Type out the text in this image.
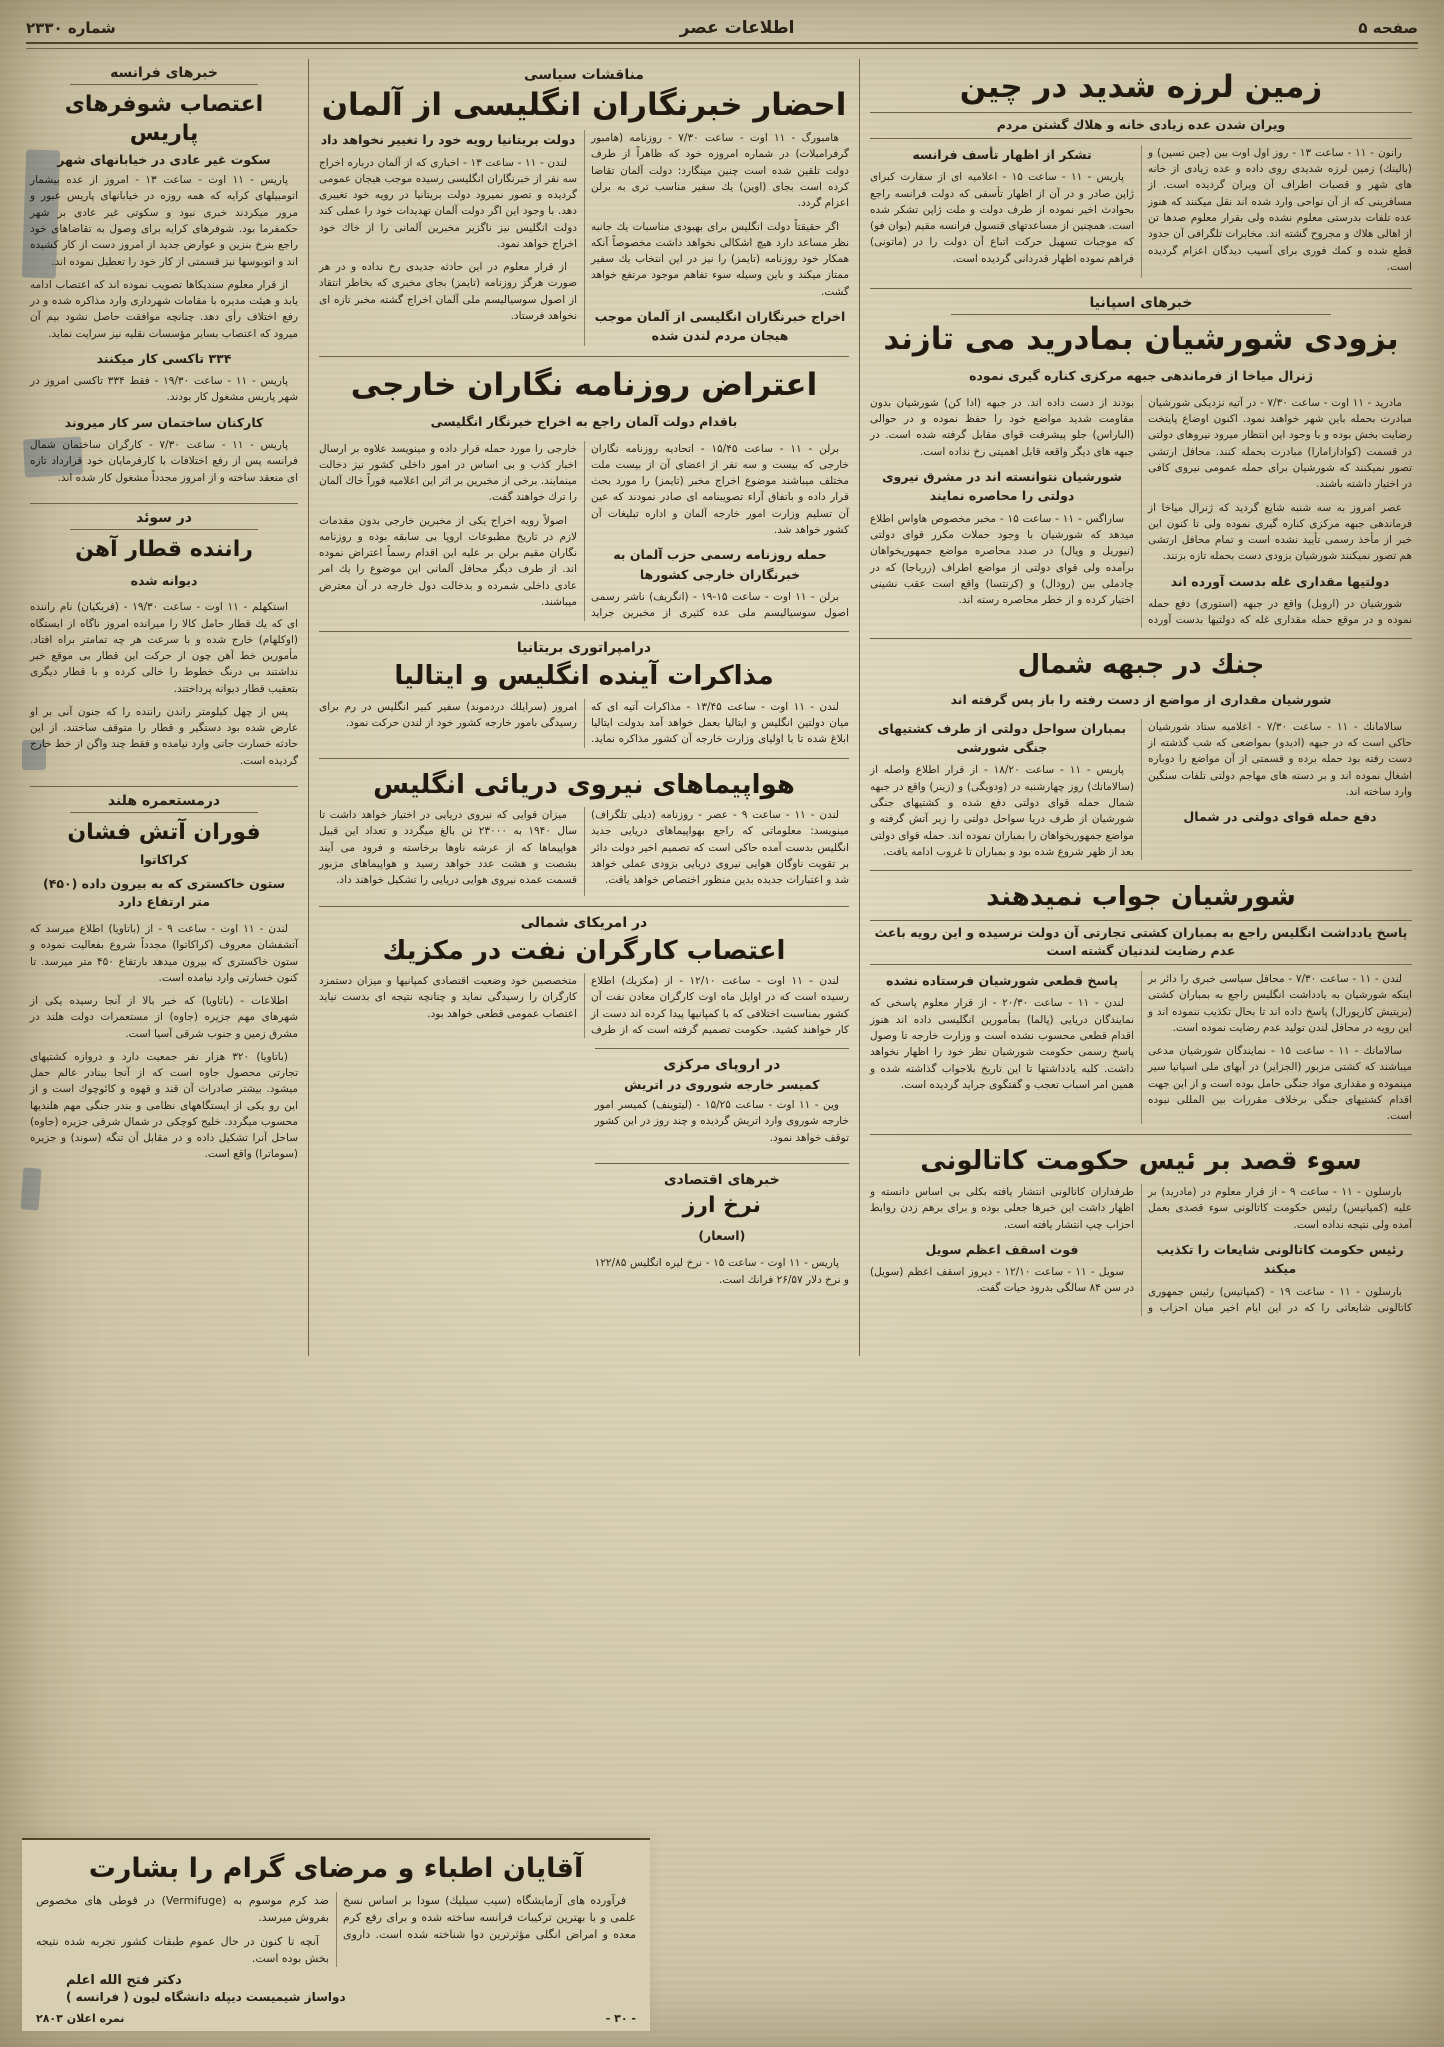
صفحه ۵
اطلاعات عصر
شماره ۲۳۳۰
زمین لرزه شدید در چین
ویران شدن عده زیادی خانه و هلاك گشتن مردم

رانون - ۱۱ - ساعت ۱۳ - روز اول اوت بین (چین تسین) و (بالینك) زمین لرزه شدیدی روی داده و عده زیادی از خانه های شهر و قصبات اطراف آن ویران گردیده است. از مسافرینی که از آن نواحی وارد شده اند نقل میکنند که هنوز عده تلفات بدرستی معلوم نشده ولی بقرار معلوم صدها تن از اهالی هلاك و مجروح گشته اند. مخابرات تلگرافی آن حدود قطع شده و کمك فوری برای آسیب دیدگان اعزام گردیده است.

تشکر از اظهار تأسف فرانسه

پاریس - ۱۱ - ساعت ۱۵ - اعلامیه ای از سفارت کبرای ژاپن صادر و در آن از اظهار تأسفی که دولت فرانسه راجع بحوادث اخیر نموده از طرف دولت و ملت ژاپن تشکر شده است. همچنین از مساعدتهای قنسول فرانسه مقیم (یوان فو) که موجبات تسهیل حرکت اتباع آن دولت را در (ماتونی) فراهم نموده اظهار قدردانی گردیده است.

خبرهای اسپانیا
بزودی شورشیان بمادرید می تازند
ژنرال میاخا از فرماندهی جبهه مرکزی کناره گیری نموده

مادرید - ۱۱ اوت - ساعت ۷/۳۰ - در آتیه نزدیکی شورشیان مبادرت بحمله باین شهر خواهند نمود. اکنون اوضاع پایتخت رضایت بخش بوده و با وجود این انتظار میرود نیروهای دولتی در قسمت (کوادارامارا) مبادرت بحمله کنند. محافل ارتشی تصور نمیکنند که شورشیان برای حمله عمومی نیروی کافی در اختیار داشته باشند.

عصر امروز به سه شنبه شایع گردید که ژنرال میاخا از فرماندهی جبهه مرکزی کناره گیری نموده ولی تا کنون این خبر از مأخذ رسمی تأیید نشده است و تمام محافل ارتشی هم تصور نمیکنند شورشیان بزودی دست بحمله تازه بزنند.

دولتیها مقداری غله بدست آورده اند

شورشیان در (اروبل) واقع در جبهه (استوری) دفع حمله نموده و در موقع حمله مقداری غله که دولتیها بدست آورده بودند از دست داده اند. در جبهه (ادا کن) شورشیان بدون مقاومت شدید مواضع خود را حفظ نموده و در حوالی (الباراس) جلو پیشرفت قوای مقابل گرفته شده است. در جبهه های دیگر واقعه قابل اهمیتی رخ نداده است.

شورشیان نتوانسته اند در مشرق نیروی دولتی را محاصره نمایند

ساراگس - ۱۱ - ساعت ۱۵ - مخبر مخصوص هاواس اطلاع میدهد که شورشیان با وجود حملات مکرر قوای دولتی (نیوریل و ویال) در صدد محاصره مواضع جمهوریخواهان برآمده ولی قوای دولتی از مواضع اطراف (زرباجا) که در چادملی بین (رودال) و (کرنتسا) واقع است عقب نشینی اختیار کرده و از خطر محاصره رسته اند.

جنك در جبهه شمال
شورشیان مقداری از مواضع از دست رفته را باز پس گرفته اند

سالامانك - ۱۱ - ساعت ۷/۳۰ - اعلامیه ستاد شورشیان حاکی است که در جبهه (ادیدو) بمواضعی که شب گذشته از دست رفته بود حمله برده و قسمتی از آن مواضع را دوباره اشغال نموده اند و بر دسته های مهاجم دولتی تلفات سنگین وارد ساخته اند.

دفع حمله قوای دولتی در شمال
بمباران سواحل دولتی از طرف کشتیهای جنگی شورشی

پاریس - ۱۱ - ساعت ۱۸/۲۰ - از قرار اطلاع واصله از (سالامانك) روز چهارشنبه در (ودویگی) و (زینر) واقع در جبهه شمال حمله قوای دولتی دفع شده و کشتیهای جنگی شورشیان از طرف دریا سواحل دولتی را زیر آتش گرفته و مواضع جمهوریخواهان را بمباران نموده اند. حمله قوای دولتی بعد از ظهر شروع شده بود و بمباران تا غروب ادامه یافت.

شورشیان جواب نمیدهند
پاسخ یادداشت انگلیس راجع به بمباران کشتی تجارتی آن دولت نرسیده و این رویه باعث عدم رضایت لندنیان گشته است

لندن - ۱۱ - ساعت ۷/۳۰ - محافل سیاسی خبری را دائر بر اینکه شورشیان به یادداشت انگلیس راجع به بمباران کشتی (بریتیش کارپورال) پاسخ داده اند تا بحال تکذیب ننموده اند و این رویه در محافل لندن تولید عدم رضایت نموده است.

سالامانك - ۱۱ - ساعت ۱۵ - نمایندگان شورشیان مدعی میباشند که کشتی مزبور (الجزایر) در آبهای ملی اسپانیا سیر مینموده و مقداری مواد جنگی حامل بوده است و از این جهت اقدام کشتیهای جنگی برخلاف مقررات بین المللی نبوده است.

پاسخ قطعی شورشیان فرستاده نشده

لندن - ۱۱ - ساعت ۲۰/۳۰ - از قرار معلوم پاسخی که نمایندگان دریایی (پالما) بمأمورین انگلیسی داده اند هنوز اقدام قطعی محسوب نشده است و وزارت خارجه تا وصول پاسخ رسمی حکومت شورشیان نظر خود را اظهار نخواهد داشت. کلیه یادداشتها تا این تاریخ بلاجواب گذاشته شده و همین امر اسباب تعجب و گفتگوی جراید گردیده است.

سوء قصد بر ئیس حکومت کاتالونی

بارسلون - ۱۱ - ساعت ۹ - از قرار معلوم در (مادرید) بر علیه (کمپانیس) رئیس حکومت کاتالونی سوء قصدی بعمل آمده ولی نتیجه نداده است.

رئیس حکومت کاتالونی شایعات را تکذیب میکند

بارسلون - ۱۱ - ساعت ۱۹ - (کمپانیس) رئیس جمهوری کاتالونی شایعاتی را که در این ایام اخیر میان احزاب و طرفداران کاتالونی انتشار یافته بکلی بی اساس دانسته و اظهار داشت این خبرها جعلی بوده و برای برهم زدن روابط احزاب چپ انتشار یافته است.

فوت اسقف اعظم سویل

سویل - ۱۱ - ساعت ۱۲/۱۰ - دیروز اسقف اعظم (سویل) در سن ۸۴ سالگی بدرود حیات گفت.

مناقشات سیاسی
احضار خبرنگاران انگلیسی از آلمان

هامبورگ - ۱۱ اوت - ساعت ۷/۳۰ - روزنامه (هامبور گرفرامبلات) در شماره امروزه خود که ظاهراً از طرف دولت تلقین شده است چنین مینگارد: دولت آلمان تقاضا کرده است بجای (اوین) یك سفیر مناسب تری به برلن اعزام گردد.

اگر حقیقتاً دولت انگلیس برای بهبودی مناسبات یك جانبه نظر مساعد دارد هیچ اشکالی نخواهد داشت مخصوصاً آنکه همکار خود روزنامه (تایمز) را نیز در این انتخاب یك سفیر ممتاز میکند و باین وسیله سوء تفاهم موجود مرتفع خواهد گشت.

اخراج خبرنگاران انگلیسی از آلمان موجب هیجان مردم لندن شده
دولت بریتانیا رویه خود را تغییر نخواهد داد

لندن - ۱۱ - ساعت ۱۳ - اخباری که از آلمان درباره اخراج سه نفر از خبرنگاران انگلیسی رسیده موجب هیجان عمومی گردیده و تصور نمیرود دولت بریتانیا در رویه خود تغییری دهد. با وجود این اگر دولت آلمان تهدیدات خود را عملی کند دولت انگلیس نیز ناگزیر مخبرین آلمانی را از خاك خود اخراج خواهد نمود.

از قرار معلوم در این حادثه جدیدی رخ نداده و در هر صورت هرگز روزنامه (تایمز) بجای مخبری که بخاطر انتقاد از اصول سوسیالیسم ملی آلمان اخراج گشته مخبر تازه ای نخواهد فرستاد.

اعتراض روزنامه نگاران خارجی
باقدام دولت آلمان راجع به اخراج خبرنگار انگلیسی

برلن - ۱۱ - ساعت ۱۵/۴۵ - اتحادیه روزنامه نگاران خارجی که بیست و سه نفر از اعضای آن از بیست ملت مختلف میباشند موضوع اخراج مخبر (تایمز) را مورد بحث قرار داده و باتفاق آراء تصویبنامه ای صادر نمودند که عین آن تسلیم وزارت امور خارجه آلمان و اداره تبلیغات آن کشور خواهد شد.

حمله روزنامه رسمی حزب آلمان به خبرنگاران خارجی کشورها

برلن - ۱۱ اوت - ساعت ۱۵-۱۹ - (انگریف) ناشر رسمی اصول سوسیالیسم ملی عده کثیری از مخبرین جراید خارجی را مورد حمله قرار داده و مینویسد علاوه بر ارسال اخبار کذب و بی اساس در امور داخلی کشور نیز دخالت مینمایند. برخی از مخبرین بر اثر این اعلامیه فوراً خاك آلمان را ترك خواهند گفت.

اصولاً رویه اخراج یکی از مخبرین خارجی بدون مقدمات لازم در تاریخ مطبوعات اروپا بی سابقه بوده و روزنامه نگاران مقیم برلن بر علیه این اقدام رسماً اعتراض نموده اند. از طرف دیگر محافل آلمانی این موضوع را یك امر عادی داخلی شمرده و بدخالت دول خارجه در آن معترض میباشند.

درامپراتوری بریتانیا
مذاکرات آینده انگلیس و ایتالیا

لندن - ۱۱ اوت - ساعت ۱۳/۴۵ - مذاکرات آتیه ای که میان دولتین انگلیس و ایتالیا بعمل خواهد آمد بدولت ایتالیا ابلاغ شده تا با اولیای وزارت خارجه آن کشور مذاکره نماید. امروز (سرایلك دردموند) سفیر کبیر انگلیس در رم برای رسیدگی بامور خارجه کشور خود از لندن حرکت نمود.

هواپیماهای نیروی دریائی انگلیس

لندن - ۱۱ - ساعت ۹ - عصر - روزنامه (دیلی تلگراف) مینویسد: معلوماتی که راجع بهواپیماهای دریایی جدید انگلیس بدست آمده حاکی است که تصمیم اخیر دولت دائر بر تقویت ناوگان هوایی نیروی دریایی بزودی عملی خواهد شد و اعتبارات جدیده بدین منظور اختصاص خواهد یافت.

میزان قوایی که نیروی دریایی در اختیار خواهد داشت تا سال ۱۹۴۰ به ۲۳۰۰۰ تن بالغ میگردد و تعداد این قبیل هواپیماها که از عرشه ناوها برخاسته و فرود می آیند بشصت و هشت عدد خواهد رسید و هواپیماهای مزبور قسمت عمده نیروی هوایی دریایی را تشکیل خواهند داد.

در امریکای شمالی
اعتصاب کارگران نفت در مکزیك

لندن - ۱۱ اوت - ساعت ۱۲/۱۰ - از (مکزیك) اطلاع رسیده است که در اوایل ماه اوت کارگران معادن نفت آن کشور بمناسبت اختلافی که با کمپانیها پیدا کرده اند دست از کار خواهند کشید. حکومت تصمیم گرفته است که از طرف متخصصین خود وضعیت اقتصادی کمپانیها و میزان دستمزد کارگران را رسیدگی نماید و چنانچه نتیجه ای بدست نیاید اعتصاب عمومی قطعی خواهد بود.

در اروپای مرکزی
کمیسر خارجه شوروی در اتریش

وین - ۱۱ اوت - ساعت ۱۵/۲۵ - (لیتوینف) کمیسر امور خارجه شوروی وارد اتریش گردیده و چند روز در این کشور توقف خواهد نمود.

خبرهای اقتصادی
نرخ ارز
(اسعار)

پاریس - ۱۱ اوت - ساعت ۱۵ - نرخ لیره انگلیس ۱۲۲/۸۵ و نرخ دلار ۲۶/۵۷ فرانك است.

خبرهای فرانسه
اعتصاب شوفرهای پاریس
سکوت غیر عادی در خیابانهای شهر

پاریس - ۱۱ اوت - ساعت ۱۳ - امروز از عده بیشمار اتومبیلهای کرایه که همه روزه در خیابانهای پاریس عبور و مرور میکردند خبری نبود و سکوتی غیر عادی بر شهر حکمفرما بود. شوفرهای کرایه برای وصول به تقاضاهای خود راجع بنرخ بنزین و عوارض جدید از امروز دست از کار کشیده اند و اتوبوسها نیز قسمتی از کار خود را تعطیل نموده اند.

از قرار معلوم سندیکاها تصویب نموده اند که اعتصاب ادامه یابد و هیئت مدیره با مقامات شهرداری وارد مذاکره شده و در رفع اختلاف رأی دهد. چنانچه موافقت حاصل نشود بیم آن میرود که اعتصاب بسایر مؤسسات نقلیه نیز سرایت نماید.

۳۳۴ تاکسی کار میکنند

پاریس - ۱۱ - ساعت ۱۹/۳۰ - فقط ۳۳۴ تاکسی امروز در شهر پاریس مشغول کار بودند.

کارکنان ساختمان سر کار میروند

پاریس - ۱۱ - ساعت ۷/۳۰ - کارگران ساختمان شمال فرانسه پس از رفع اختلافات با کارفرمایان خود قرارداد تازه ای منعقد ساخته و از امروز مجدداً مشغول کار شده اند.

در سوئد
راننده قطار آهن
دیوانه شده

استکهلم - ۱۱ اوت - ساعت ۱۹/۳۰ - (فریکیان) نام راننده ای که یك قطار حامل کالا را میرانده امروز ناگاه از ایستگاه (اوکلهام) خارج شده و با سرعت هر چه تمامتر براه افتاد. مأمورین خط آهن چون از حرکت این قطار بی موقع خبر نداشتند بی درنگ خطوط را خالی کرده و با قطار دیگری بتعقیب قطار دیوانه پرداختند.

پس از چهل کیلومتر راندن راننده را که جنون آنی بر او عارض شده بود دستگیر و قطار را متوقف ساختند. از این حادثه خسارت جانی وارد نیامده و فقط چند واگن از خط خارج گردیده است.

درمستعمره هلند
فوران آتش فشان
کراکاتوا
ستون خاکستری که به بیرون داده (۴۵۰) متر ارتفاع دارد

لندن - ۱۱ اوت - ساعت ۹ - از (باتاویا) اطلاع میرسد که آتشفشان معروف (کراکاتوا) مجدداً شروع بفعالیت نموده و ستون خاکستری که بیرون میدهد بارتفاع ۴۵۰ متر میرسد. تا کنون خسارتی وارد نیامده است.

اطلاعات - (باتاویا) که خبر بالا از آنجا رسیده یکی از شهرهای مهم جزیره (جاوه) از مستعمرات دولت هلند در مشرق زمین و جنوب شرقی آسیا است.

(باتاویا) ۳۲۰ هزار نفر جمعیت دارد و دروازه کشتیهای تجارتی محصول جاوه است که از آنجا ببنادر عالم حمل میشود. بیشتر صادرات آن قند و قهوه و کائوچوك است و از این رو یکی از ایستگاههای نظامی و بندر جنگی مهم هلندیها محسوب میگردد. خلیج کوچکی در شمال شرقی جزیره (جاوه) ساحل آنرا تشکیل داده و در مقابل آن تنگه (سوند) و جزیره (سوماترا) واقع است.

آقایان اطباء و مرضای گرام را بشارت

فرآورده های آزمایشگاه (سیب سیلیك) سودا بر اساس نسخ علمی و با بهترین ترکیبات فرانسه ساخته شده و برای رفع کرم معده و امراض انگلی مؤثرترین دوا شناخته شده است. داروی ضد کرم موسوم به (Vermifuge) در قوطی های مخصوص بفروش میرسد.

آنچه تا کنون در حال عموم طبقات کشور تجربه شده نتیجه بخش بوده است.

دکتر فتح الله اعلم
دواساز شیمیست دیپله دانشگاه لیون ( فرانسه )
- ۳۰ -
نمره اعلان ۲۸۰۳
